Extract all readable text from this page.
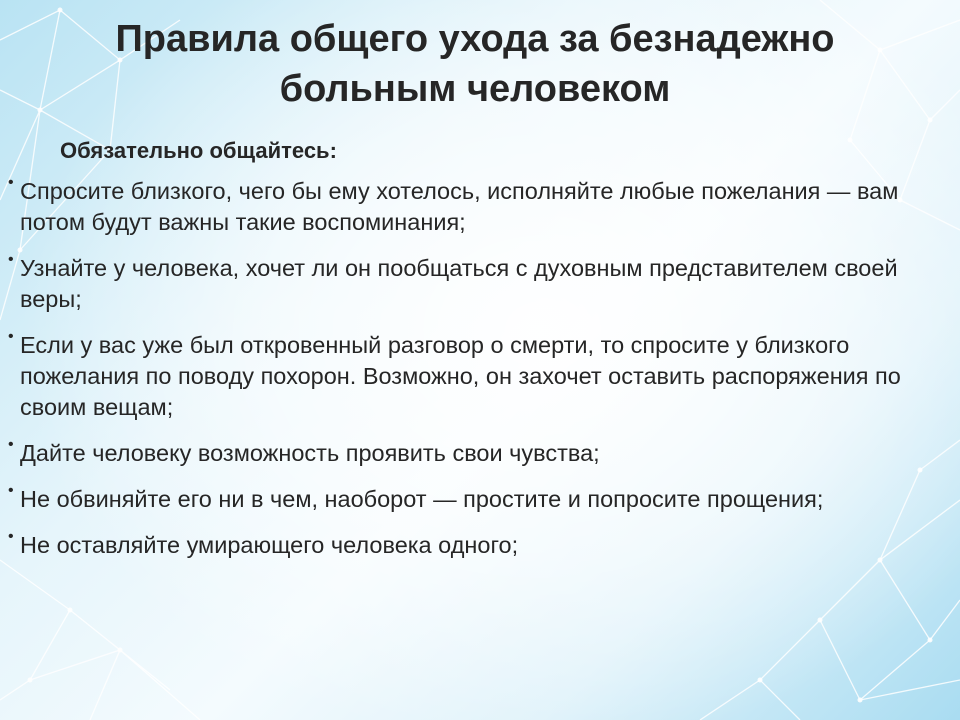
Правила общего ухода за безнадежно
больным человеком
Обязательно общайтесь:
• Спросите близкого, чего бы ему хотелось, исполняйте любые пожелания — вам потом будут важны такие воспоминания;
• Узнайте у человека, хочет ли он пообщаться с духовным представителем своей веры;
• Если у вас уже был откровенный разговор о смерти, то спросите у близкого пожелания по поводу похорон. Возможно, он захочет оставить распоряжения по своим вещам;
• Дайте человеку возможность проявить свои чувства;
• Не обвиняйте его ни в чем, наоборот — простите и попросите прощения;
• Не оставляйте умирающего человека одного;
